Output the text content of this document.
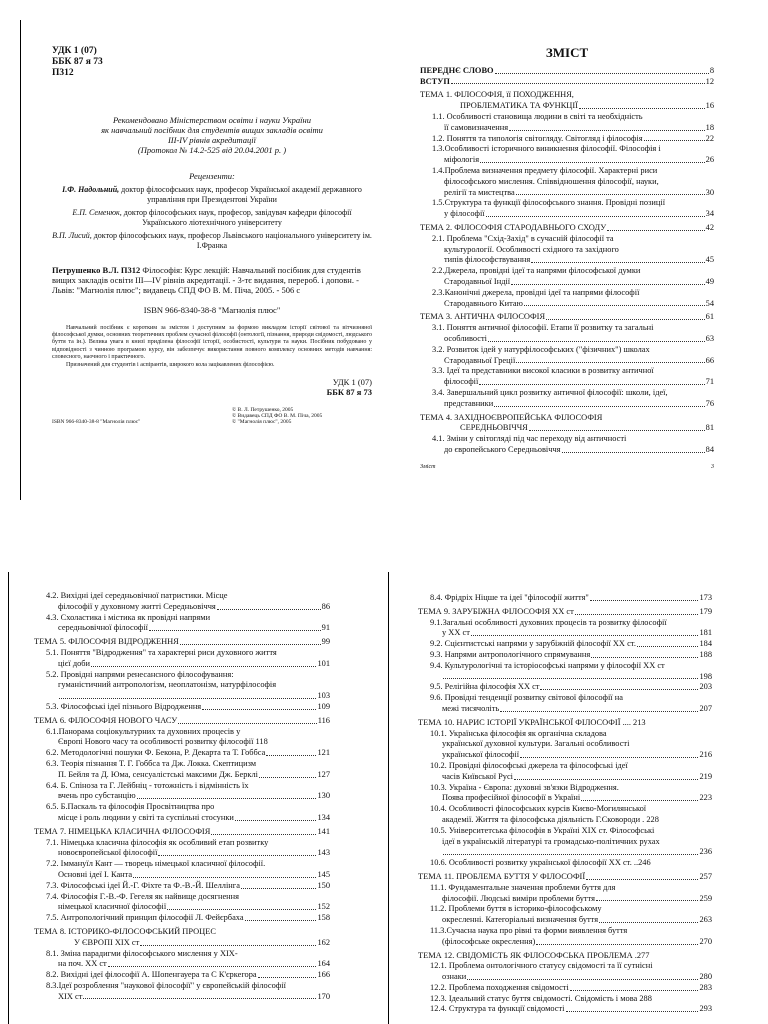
УДК 1 (07)
ББК 87 я 73
П312
Рекомендовано Міністерством освіти і науки України
як навчальний посібник для студентів вищих закладів освіти
III-IV рівнів акредитації
(Протокол № 14.2-525 від 20.04.2001 р. )
Рецензенти:
І.Ф. Надольний, доктор філософських наук, професор Української академії державного управління при Президентові України
Е.П. Семенюк, доктор філософських наук, професор, завідувач кафедри філософії Українського ліотехнічного університету
В.П. Лисий, доктор філософських наук, професор Львівського національного університету ім. І.Франка
Петрушенко В.Л. П312 Філософія: Курс лекцій: Навчальний посібник для студентів вищих закладів освіти III—IV рівнів акредитації. - 3-тє видання, перероб. і доповн. - Львів: "Магнолія плюс"; видавець СПД ФО В. М. Піча, 2005. - 506 с
ISBN 966-8340-38-8 "Магнолія плюс"
Навчальний посібник є коротким за змістом і доступним за формою викладом історії світової та вітчизняної філософської думки, основних теоретичних проблем сучасної філософії (онтології, пізнання, природи свідомості, людського буття та ін.). Велика увага в книзі приділена філософії історії, особистості, культури та науки. Посібник побудовано у відповідності з чинною програмою курсу, він забезпечує використання повного комплексу основних методів навчання: словесного, наочного і практичного.
Призначений для студентів і аспірантів, широкого кола зацікавлених філософією.
УДК 1 (07)
ББК 87 я 73
ISBN 966-8340-38-8 "Магнолія плюс"
© В. Л. Петрушенко, 2005
© Видавець СПД ФО В. М. Піча, 2005
© "Магнолія плюс", 2005
ЗМІСТ
ПЕРЕДНЄ СЛОВО	8
ВСТУП	12
ТЕМА 1. ФІЛОСОФІЯ, її ПОХОДЖЕННЯ,
ПРОБЛЕМАТИКА ТА ФУНКЦІЇ	16
1.1. Особливості становища людини в світі та необхідність
її самовизначення	18
1.2. Поняття та типологія світогляду. Світогляд і філософія	22
1.3.Особливості історичного виникнення філософії. Філософія і
міфологія	26
1.4.Проблема визначення предмету філософії. Характерні риси
філософського мислення. Співвідношення філософії, науки,
релігії та мистецтва	30
1.5.Структура та функції філософського знання. Провідні позиції
у філософії	34
ТЕМА 2. ФІЛОСОФІЯ СТАРОДАВНЬОГО СХОДУ	42
2.1. Проблема "Схід-Захід" в сучасній філософії та
культурології. Особливості східного та західного
типів філософствування	45
2.2.Джерела, провідні ідеї та напрями філософської думки
Стародавньої Індії	49
2.3.Канонічні джерела, провідні ідеї та напрями філософії
Стародавнього Китаю	54
ТЕМА 3. АНТИЧНА ФІЛОСОФІЯ	61
3.1. Поняття античної філософії. Етапи її розвитку та загальні
особливості	63
3.2. Розвиток ідей у натурфілософських ("фізичних") школах
Стародавньої Греції	66
3.3. Ідеї та представники високої класики в розвитку античної
філософії	71
3.4. Завершальний цикл розвитку античної філософії: школи, ідеї,
представники	76
ТЕМА 4. ЗАХІДНОЄВРОПЕЙСЬКА ФІЛОСОФІЯ
СЕРЕДНЬОВІЧЧЯ	81
4.1. Зміни у світогляді під час переходу від античності
до європейського Середньовіччя	84
Зміст	3
4.2. Вихідні ідеї середньовічної патристики. Місце
філософії у духовному житті Середньовіччя	86
4.3. Схоластика і містика як провідні напрями
середньовічної філософії	91
ТЕМА 5. ФІЛОСОФІЯ ВІДРОДЖЕННЯ	99
5.1. Поняття "Відродження" та характерні риси духовного життя
цієї доби	101
5.2. Провідні напрями ренесансного філософування:
гуманістичний антропологізм, неоплатонізм, натурфілософія
103
5.3. Філософські ідеї пізнього Відродження	109
ТЕМА 6. ФІЛОСОФІЯ НОВОГО ЧАСУ	116
6.1.Панорама соціокультурних та духовних процесів у
Європі Нового часу та особливості розвитку філософії 118
6.2. Методологічні пошуки Ф. Бекона, Р. Декарта та Т. Гоббса	121
6.3. Теорія пізнання Т. Г. Гоббса та Дж. Локка. Скептицизм
П. Бейля та Д. Юма, сенсуалістські максими Дж. Берклі	127
6.4. Б. Спіноза та Г. Лейбніц - тотожність і відмінність їх
вчень про субстанцію	130
6.5. Б.Паскаль та філософія Просвітництва про
місце і роль людини у світі та суспільні стосунки	134
ТЕМА 7. НІМЕЦЬКА КЛАСИЧНА ФІЛОСОФІЯ	141
7.1. Німецька класична філософія як особливий етап розвитку
новоєвропейської філософії	143
7.2. Іммануїл Кант — творець німецької класичної філософії.
Основні ідеї І. Канта	145
7.3. Філософські ідеї Й.-Г. Фіхте та Ф.-В.-Й. Шеллінга	150
7.4. Філософія Г.-В.-Ф. Гегеля як найвище досягнення
німецької класичної філософії	152
7.5. Антропологічний принцип філософії Л. Фейєрбаха	158
ТЕМА 8. ІСТОРИКО-ФІЛОСОФСЬКИЙ ПРОЦЕС
У ЄВРОПІ XIX ст	162
8.1. Зміна парадигми філософського мислення у XIX-
на поч. XX ст	164
8.2. Вихідні ідеї філософії А. Шопенгауера та С К'єркегора	166
8.3.Ідеї розроблення "наукової філософії" у європейській філософії
XIX ст	170
8.4. Фрідріх Ніцше та ідеї "філософії життя"	173
ТЕМА 9. ЗАРУБІЖНА ФІЛОСОФІЯ XX ст	179
9.1.Загальні особливості духовних процесів та розвитку філософії
у XX ст	181
9.2. Сцієнтистські напрями у зарубіжній філософії XX ст.	184
9.3. Напрями антропологічного спрямування	188
9.4. Культурологічні та історіософські напрями у філософії XX ст
198
9.5. Релігійна філософія XX ст	203
9.6. Провідні тенденції розвитку світової філософії на
межі тисячоліть	207
ТЕМА 10. НАРИС ІСТОРІЇ УКРАЇНСЬКОЇ ФІЛОСОФІЇ .... 213
10.1. Українська філософія як органічна складова
української духовної культури. Загальні особливості
української філософії	216
10.2. Провідні філософські джерела та філософські ідеї
часів Київської Русі	219
10.3. Україна - Європа: духовні зв'язки Відродження.
Поява професійної філософії в Україні	223
10.4. Особливості філософських курсів Києво-Могилянської
академії. Життя та філософська діяльність Г.Сковороди . 228
10.5. Університетська філософія в Україні XIX ст. Філософські
ідеї в українській літературі та громадсько-політичних рухах
236
10.6. Особливості розвитку української філософії XX ст. ..246
ТЕМА 11. ПРОБЛЕМА БУТТЯ У ФІЛОСОФІЇ	257
11.1. Фундаментальне значення проблеми буття для
філософії. Людські виміри проблеми буття	259
11.2. Проблеми буття в історико-філософському
окресленні. Категоріальні визначення буття	263
11.3.Сучасна наука про рівні та форми виявлення буття
(філософське окреслення)	270
ТЕМА 12. СВІДОМІСТЬ ЯК ФІЛОСОФСЬКА ПРОБЛЕМА .277
12.1. Проблема онтологічного статусу свідомості та її сутнісні
ознаки	280
12.2. Проблема походження свідомості	283
12.3. Ідеальний статус буття свідомості. Свідомість і мова 288
12.4. Структура та функції свідомості	293
